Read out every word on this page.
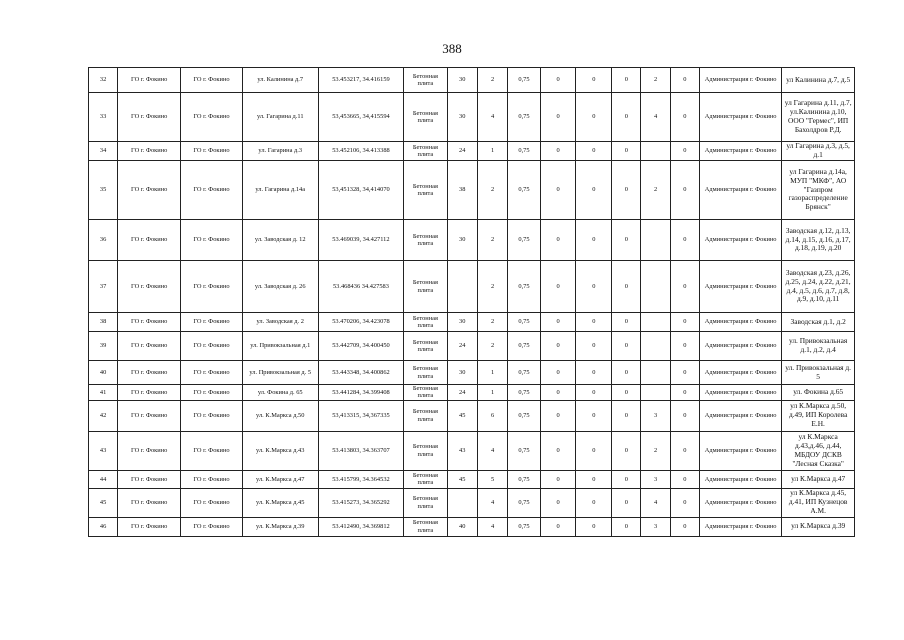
388
32	ГО г. Фокино	ГО г. Фокино	ул. Калинина д.7	53.453217, 34.416159	Бетонная плита	30	2	0,75	0	0	0	2	0	Администрация г. Фокино	ул Калинина д.7, д.5
33	ГО г. Фокино	ГО г. Фокино	ул. Гагарина д.11	53,453665, 34,415594	Бетонная плита	30	4	0,75	0	0	0	4	0	Администрация г. Фокино	ул Гагарина д.11, д.7, ул.Калинина д.10, ООО "Гермес", ИП Бахолдров Р.Д.
34	ГО г. Фокино	ГО г. Фокино	ул. Гагарина д.3	53.452106, 34.413388	Бетонная плита	24	1	0,75	0	0	0		0	Администрация г. Фокино	ул Гагарина д.3, д.5, д.1
35	ГО г. Фокино	ГО г. Фокино	ул. Гагарина д.14а	53,451328, 34,414070	Бетонная плита	38	2	0,75	0	0	0	2	0	Администрация г. Фокино	ул Гагарина д.14а, МУП "МКФ", АО "Газпром газораспределение Брянск"
36	ГО г. Фокино	ГО г. Фокино	ул. Заводская д. 12	53.469039, 34.427112	Бетонная плита	30	2	0,75	0	0	0		0	Администрация г. Фокино	Заводская д.12, д.13, д.14, д.15, д.16, д.17, д.18, д.19, д.20
37	ГО г. Фокино	ГО г. Фокино	ул. Заводская д. 26	53.468436 34.427583	Бетонная плита		2	0,75	0	0	0		0	Администрация г. Фокино	Заводская д.23, д.26, д.25, д.24, д.22, д.21, д.4, д.5, д.6, д.7, д.8, д.9, д.10, д.11
38	ГО г. Фокино	ГО г. Фокино	ул. Заводская д. 2	53.470206, 34.423078	Бетонная плита	30	2	0,75	0	0	0		0	Администрация г. Фокино	Заводская д.1, д.2
39	ГО г. Фокино	ГО г. Фокино	ул. Привокзальная д.1	53.442709, 34.400450	Бетонная плита	24	2	0,75	0	0	0		0	Администрация г. Фокино	ул. Привокзальная д.1, д.2, д.4
40	ГО г. Фокино	ГО г. Фокино	ул. Привокзальная д. 5	53.443348, 34.400862	Бетонная плита	30	1	0,75	0	0	0		0	Администрация г. Фокино	ул. Привокзальная д. 5
41	ГО г. Фокино	ГО г. Фокино	ул. Фокина д. 65	53.441284, 34.399408	Бетонная плита	24	1	0,75	0	0	0		0	Администрация г. Фокино	ул. Фокина д.65
42	ГО г. Фокино	ГО г. Фокино	ул. К.Маркса д.50	53,413315, 34,367335	Бетонная плита	45	6	0,75	0	0	0	3	0	Администрация г. Фокино	ул К.Маркса д.50, д.49, ИП Королева Е.Н.
43	ГО г. Фокино	ГО г. Фокино	ул. К.Маркса д.43	53.413803, 34.363707	Бетонная плита	43	4	0,75	0	0	0	2	0	Администрация г. Фокино	ул К.Маркса д.43,д.46, д.44, МБДОУ ДСКВ "Лесная Сказка"
44	ГО г. Фокино	ГО г. Фокино	ул. К.Маркса д.47	53.415799, 34.364532	Бетонная плита	45	5	0,75	0	0	0	3	0	Администрация г. Фокино	ул К.Маркса д.47
45	ГО г. Фокино	ГО г. Фокино	ул. К.Маркса д.45	53.415273, 34.365292	Бетонная плита		4	0,75	0	0	0	4	0	Администрация г. Фокино	ул К.Маркса д.45, д.41, ИП Кузнецов А.М.
46	ГО г. Фокино	ГО г. Фокино	ул. К.Маркса д.39	53.412490, 34.369812	Бетонная плита	40	4	0,75	0	0	0	3	0	Администрация г. Фокино	ул К.Маркса д.39
